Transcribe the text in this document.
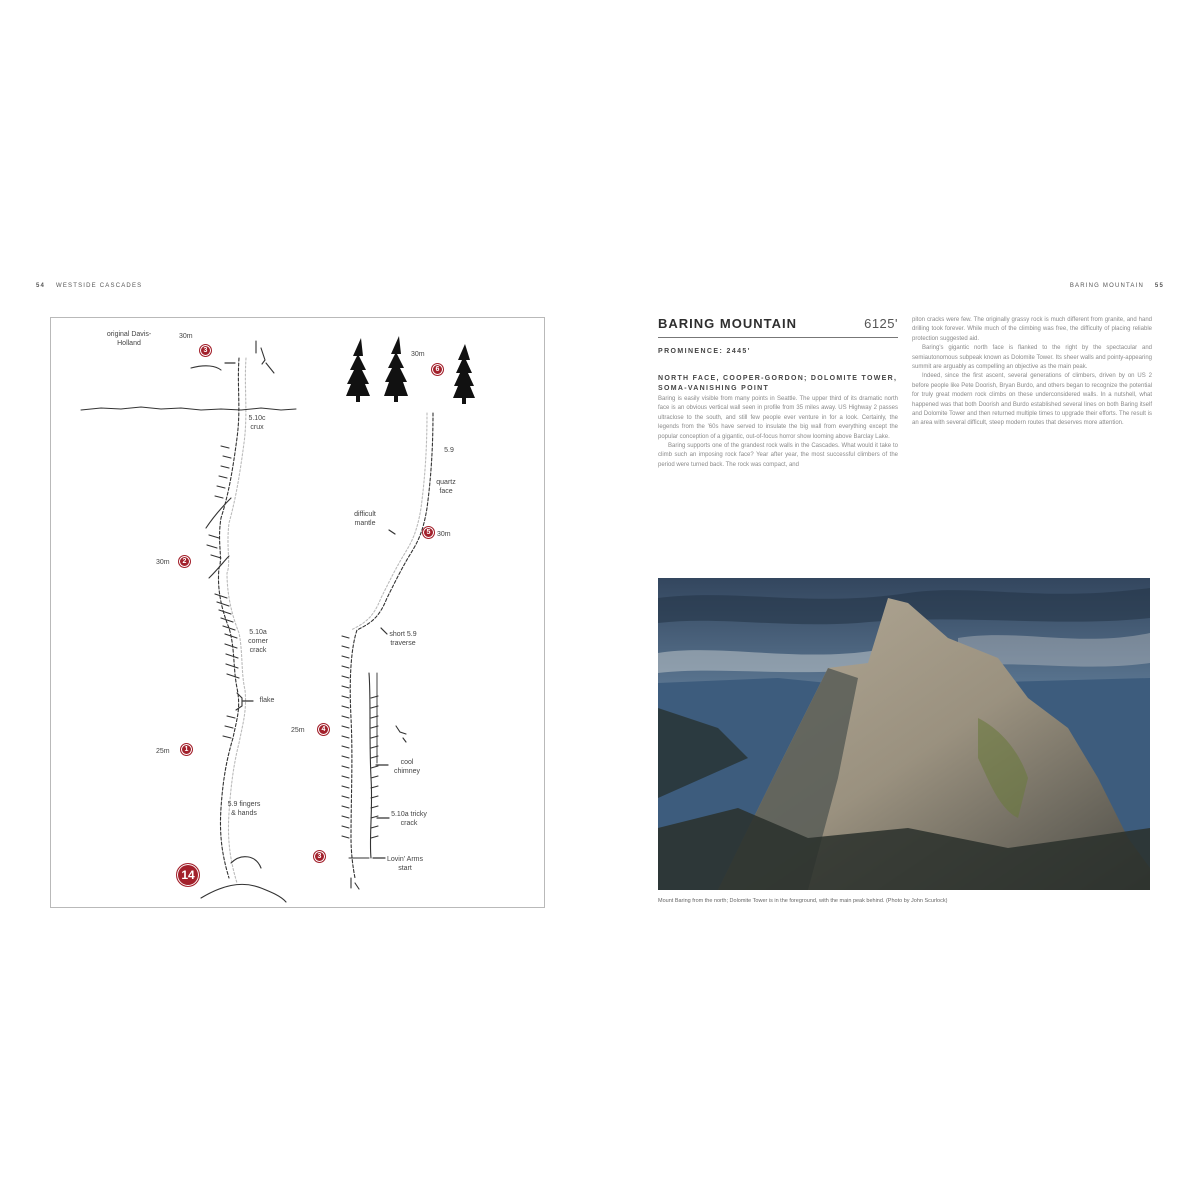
54 WESTSIDE CASCADES	BARING MOUNTAIN 55
original Davis-Holland
5.10c crux
5.10a corner crack
flake
5.9 fingers & hands
30m
3
30m	2
25m	1
14
30m
6
5.9
quartz face
difficult mantle
5 30m
short 5.9 traverse
25m	4
cool chimney
5.10a tricky crack
3	Lovin' Arms start
BARING MOUNTAIN	6125'
PROMINENCE: 2445'
NORTH FACE, COOPER-GORDON; DOLOMITE TOWER, SOMA-VANISHING POINT

Baring is easily visible from many points in Seattle. The upper third of its dramatic north face is an obvious vertical wall seen in profile from 35 miles away. US Highway 2 passes ultraclose to the south, and still few people ever venture in for a look. Certainly, the legends from the '60s have served to insulate the big wall from everything except the popular conception of a gigantic, out-of-focus horror show looming above Barclay Lake.

Baring supports one of the grandest rock walls in the Cascades. What would it take to climb such an imposing rock face? Year after year, the most successful climbers of the period were turned back. The rock was compact, and

piton cracks were few. The originally grassy rock is much different from granite, and hand drilling took forever. While much of the climbing was free, the difficulty of placing reliable protection suggested aid.

Baring's gigantic north face is flanked to the right by the spectacular and semiautonomous subpeak known as Dolomite Tower. Its sheer walls and pointy-appearing summit are arguably as compelling an objective as the main peak.

Indeed, since the first ascent, several generations of climbers, driven by on US 2 before people like Pete Doorish, Bryan Burdo, and others began to recognize the potential for truly great modern rock climbs on these underconsidered walls. In a nutshell, what happened was that both Doorish and Burdo established several lines on both Baring itself and Dolomite Tower and then returned multiple times to upgrade their efforts. The result is an area with several difficult, steep modern routes that deserves more attention.

Mount Baring from the north; Dolomite Tower is in the foreground, with the main peak behind. (Photo by John Scurlock)
